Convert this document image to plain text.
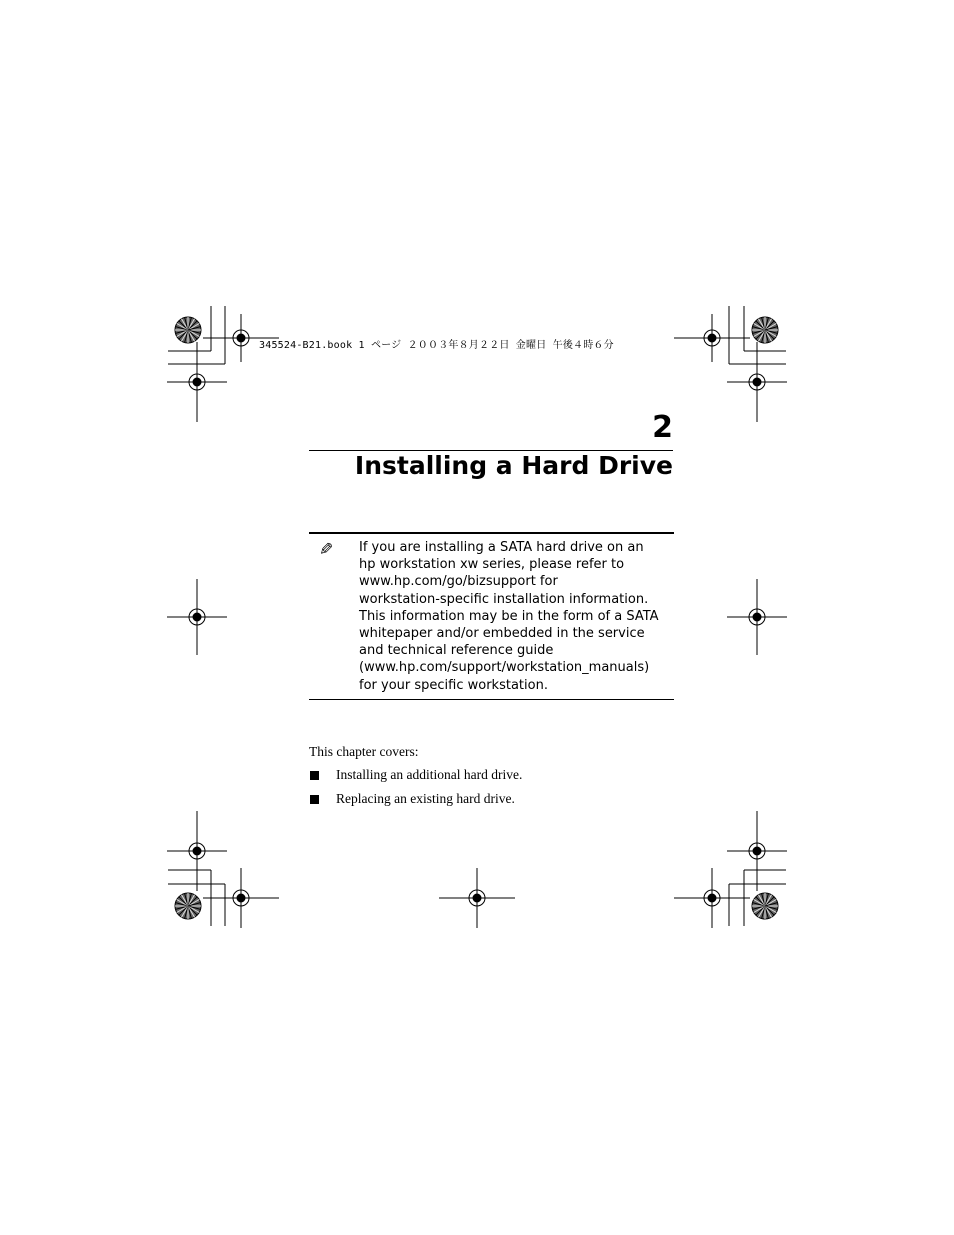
345524-B21.book 1 ページ ２００３年８月２２日 金曜日 午後４時６分
2
Installing a Hard Drive
✎ If you are installing a SATA hard drive on an
hp workstation xw series, please refer to
www.hp.com/go/bizsupport for
workstation-specific installation information.
This information may be in the form of a SATA
whitepaper and/or embedded in the service
and technical reference guide
(www.hp.com/support/workstation_manuals)
for your specific workstation.
This chapter covers:
Installing an additional hard drive.
Replacing an existing hard drive.
